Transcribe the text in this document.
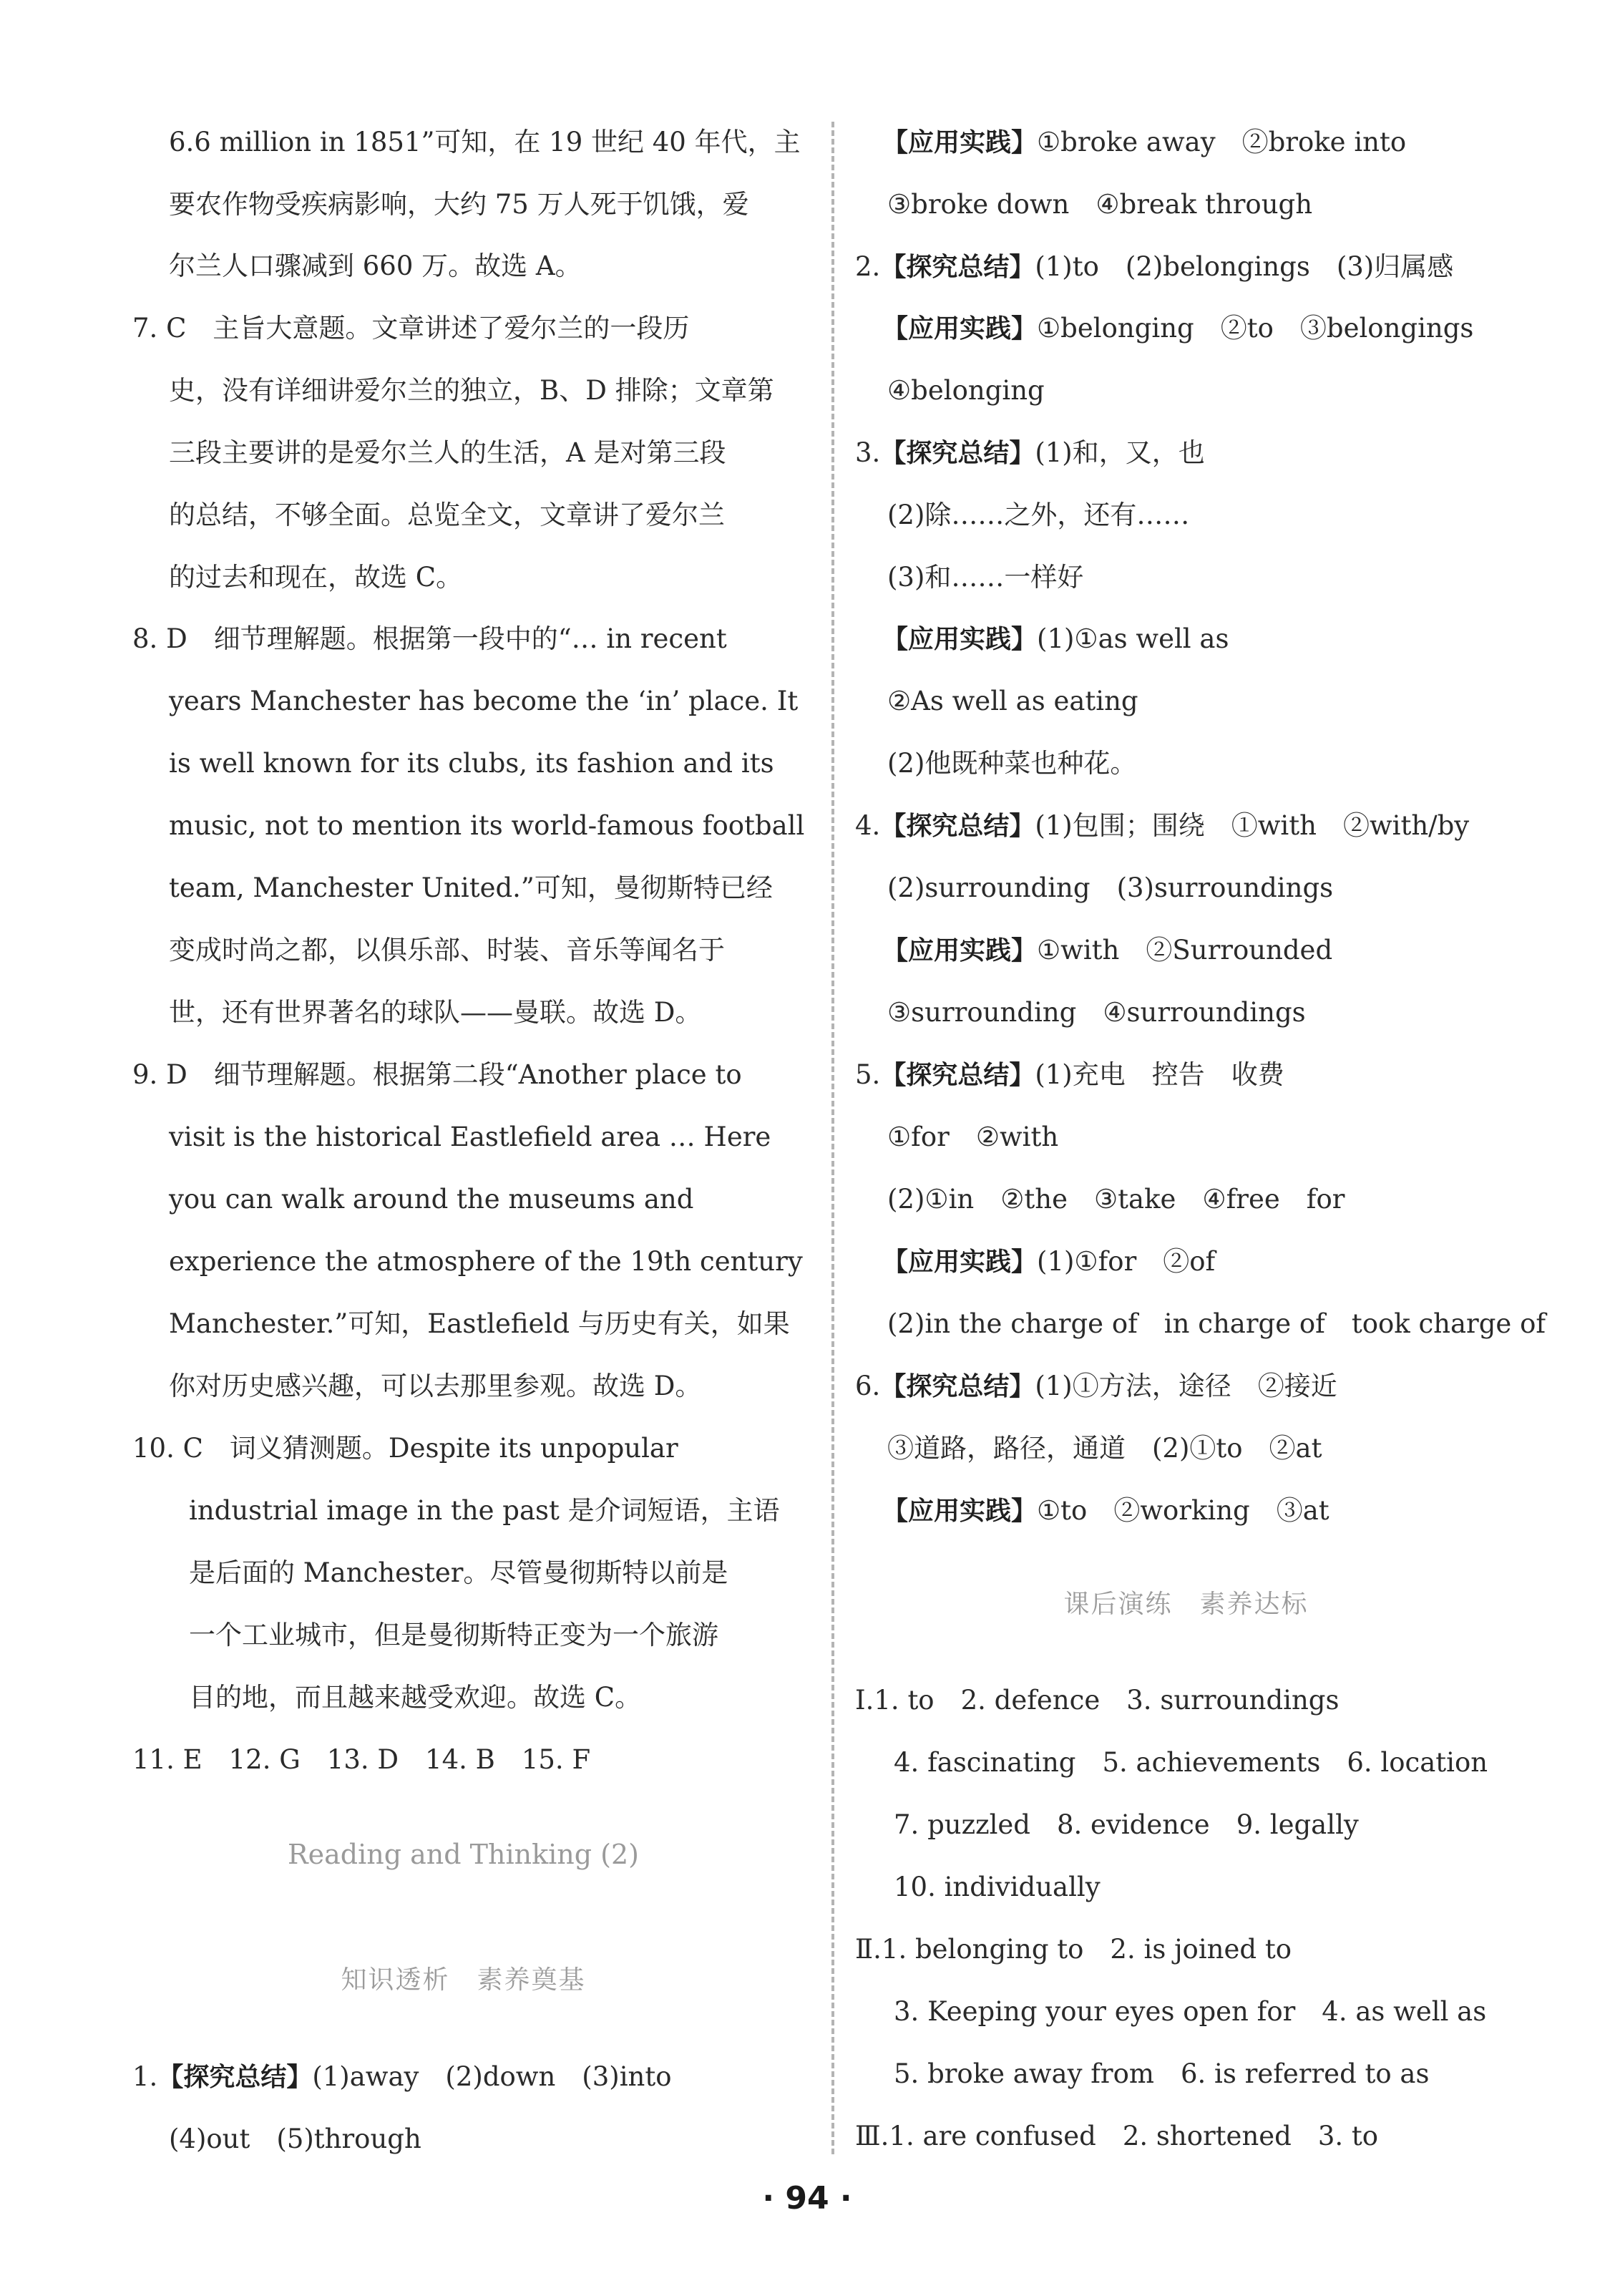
6.6 million in 1851”可知，在 19 世纪 40 年代，主
要农作物受疾病影响，大约 75 万人死于饥饿，爱
尔兰人口骤减到 660 万。故选 A。
7. C　主旨大意题。文章讲述了爱尔兰的一段历
史，没有详细讲爱尔兰的独立，B、D 排除；文章第
三段主要讲的是爱尔兰人的生活，A 是对第三段
的总结，不够全面。总览全文，文章讲了爱尔兰
的过去和现在，故选 C。
8. D　细节理解题。根据第一段中的“… in recent
years Manchester has become the ‘in’ place. It
is well known for its clubs, its fashion and its
music, not to mention its world-famous football
team, Manchester United.”可知，曼彻斯特已经
变成时尚之都，以俱乐部、时装、音乐等闻名于
世，还有世界著名的球队——曼联。故选 D。
9. D　细节理解题。根据第二段“Another place to
visit is the historical Eastlefield area … Here
you can walk around the museums and
experience the atmosphere of the 19th century
Manchester.”可知，Eastlefield 与历史有关，如果
你对历史感兴趣，可以去那里参观。故选 D。
10. C　词义猜测题。Despite its unpopular
industrial image in the past 是介词短语，主语
是后面的 Manchester。尽管曼彻斯特以前是
一个工业城市，但是曼彻斯特正变为一个旅游
目的地，而且越来越受欢迎。故选 C。
11. E　12. G　13. D　14. B　15. F
Reading and Thinking (2)
知识透析　素养奠基
1.【探究总结】(1)away　(2)down　(3)into
(4)out　(5)through
【应用实践】①broke away　②broke into
③broke down　④break through
2.【探究总结】(1)to　(2)belongings　(3)归属感
【应用实践】①belonging　②to　③belongings
④belonging
3.【探究总结】(1)和，又，也
(2)除……之外，还有……
(3)和……一样好
【应用实践】(1)①as well as
②As well as eating
(2)他既种菜也种花。
4.【探究总结】(1)包围；围绕　①with　②with/by
(2)surrounding　(3)surroundings
【应用实践】①with　②Surrounded
③surrounding　④surroundings
5.【探究总结】(1)充电　控告　收费
①for　②with
(2)①in　②the　③take　④free　for
【应用实践】(1)①for　②of
(2)in the charge of　in charge of　took charge of
6.【探究总结】(1)①方法，途径　②接近
③道路，路径，通道　(2)①to　②at
【应用实践】①to　②working　③at
课后演练　素养达标
Ⅰ.1. to　2. defence　3. surroundings
4. fascinating　5. achievements　6. location
7. puzzled　8. evidence　9. legally
10. individually
Ⅱ.1. belonging to　2. is joined to
3. Keeping your eyes open for　4. as well as
5. broke away from　6. is referred to as
Ⅲ.1. are confused　2. shortened　3. to
· 94 ·
